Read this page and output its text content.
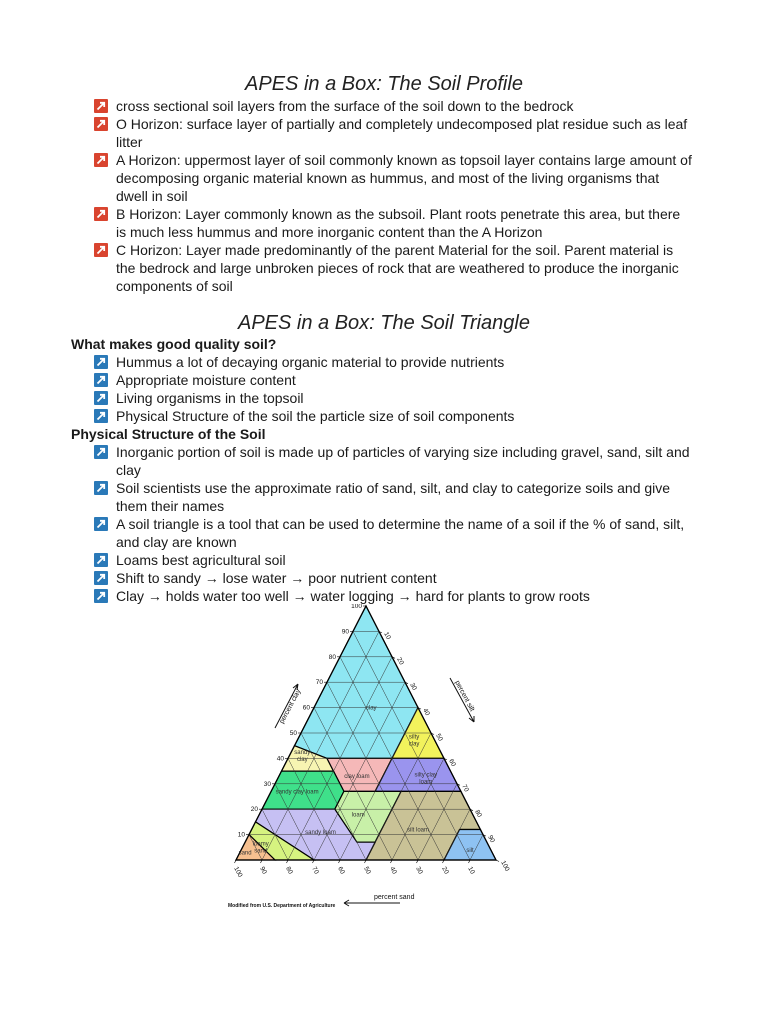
APES in a Box: The Soil Profile
cross sectional soil layers from the surface of the soil down to the bedrock
O Horizon: surface layer of partially and completely undecomposed plat residue such as leaf litter
A Horizon: uppermost layer of soil commonly known as topsoil layer contains large amount of decomposing organic material known as hummus, and most of the living organisms that dwell in soil
B Horizon: Layer commonly known as the subsoil. Plant roots penetrate this area, but there is much less hummus and more inorganic content than the A Horizon
C Horizon: Layer made predominantly of the parent Material for the soil. Parent material is the bedrock and large unbroken pieces of rock that are weathered to produce the inorganic components of soil
APES in a Box: The Soil Triangle

What makes good quality soil?

Hummus a lot of decaying organic material to provide nutrients
Appropriate moisture content
Living organisms in the topsoil
Physical Structure of the soil the particle size of soil components

Physical Structure of the Soil

Inorganic portion of soil is made up of particles of varying size including gravel, sand, silt and clay
Soil scientists use the approximate ratio of sand, silt, and clay to categorize soils and give them their names
A soil triangle is a tool that can be used to determine the name of a soil if the % of sand, silt, and clay are known
Loams best agricultural soil
Shift to sandy → lose water → poor nutrient content
Clay → holds water too well → water logging → hard for plants to grow roots
10
10
10
20
20
20
30
30
30
40
40
40
50	50
50
60
60
60
70
70
70
80
80
80
90
90
90
100
100
100
clay
silty clay
sandy clay
clay loam	silty clay loam
sandy clay loam
loam
silt loam
sandy loam
loamy sand
sand	silt
percent clay	percent silt
percent sand
Modified from U.S. Department of Agriculture
